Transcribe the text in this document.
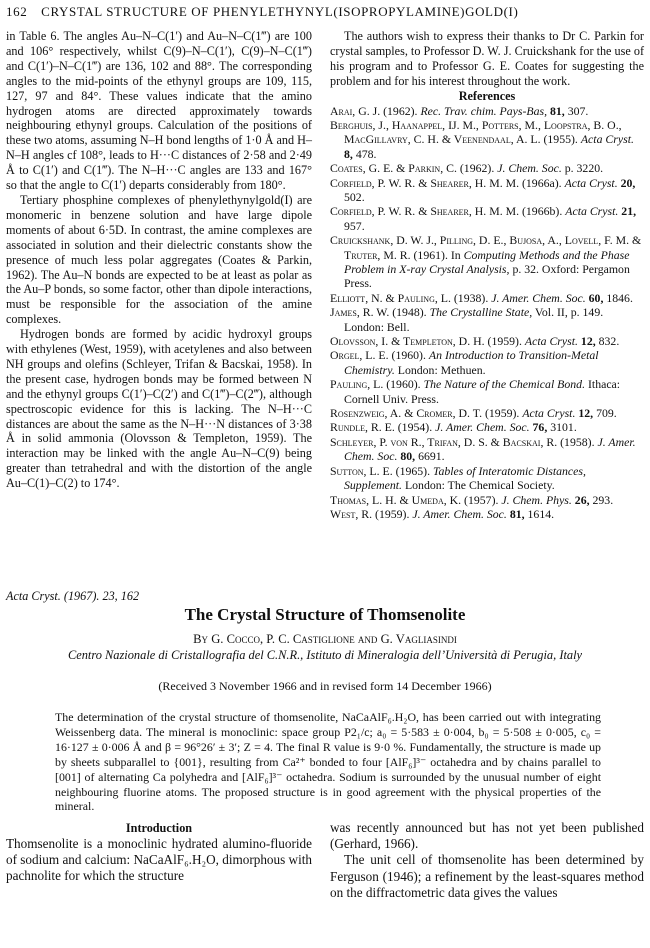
162 CRYSTAL STRUCTURE OF PHENYLETHYNYL(ISOPROPYLAMINE)GOLD(I)

in Table 6. The angles Au–N–C(1′) and Au–N–C(1‴) are 100 and 106° respectively, whilst C(9)–N–C(1′), C(9)–N–C(1‴) and C(1′)–N–C(1‴) are 136, 102 and 88°. The corresponding angles to the mid-points of the ethynyl groups are 109, 115, 127, 97 and 84°. These values indicate that the amino hydrogen atoms are directed approximately towards neighbouring ethynyl groups. Calculation of the positions of these two atoms, assuming N–H bond lengths of 1·0 Å and H–N–H angles cf 108°, leads to H···C distances of 2·58 and 2·49 Å to C(1′) and C(1‴). The N–H···C angles are 133 and 167° so that the angle to C(1′) departs considerably from 180°.

Tertiary phosphine complexes of phenylethynylgold(I) are monomeric in benzene solution and have large dipole moments of about 6·5D. In contrast, the amine complexes are associated in solution and their dielectric constants show the presence of much less polar aggregates (Coates & Parkin, 1962). The Au–N bonds are expected to be at least as polar as the Au–P bonds, so some factor, other than dipole interactions, must be responsible for the association of the amine complexes.

Hydrogen bonds are formed by acidic hydroxyl groups with ethylenes (West, 1959), with acetylenes and also between NH groups and olefins (Schleyer, Trifan & Bacskai, 1958). In the present case, hydrogen bonds may be formed between N and the ethynyl groups C(1′)–C(2′) and C(1‴)–C(2‴), although spectroscopic evidence for this is lacking. The N–H···C distances are about the same as the N–H···N distances of 3·38 Å in solid ammonia (Olovsson & Templeton, 1959). The interaction may be linked with the angle Au–N–C(9) being greater than tetrahedral and with the distortion of the angle Au–C(1)–C(2) to 174°.

The authors wish to express their thanks to Dr C. Parkin for crystal samples, to Professor D. W. J. Cruickshank for the use of his program and to Professor G. E. Coates for suggesting the problem and for his interest throughout the work.

References

Arai, G. J. (1962). Rec. Trav. chim. Pays-Bas, 81, 307.

Berghuis, J., Haanappel, IJ. M., Potters, M., Loopstra, B. O., MacGillavry, C. H. & Veenendaal, A. L. (1955). Acta Cryst. 8, 478.

Coates, G. E. & Parkin, C. (1962). J. Chem. Soc. p. 3220.

Corfield, P. W. R. & Shearer, H. M. M. (1966a). Acta Cryst. 20, 502.

Corfield, P. W. R. & Shearer, H. M. M. (1966b). Acta Cryst. 21, 957.

Cruickshank, D. W. J., Pilling, D. E., Bujosa, A., Lovell, F. M. & Truter, M. R. (1961). In Computing Methods and the Phase Problem in X-ray Crystal Analysis, p. 32. Oxford: Pergamon Press.

Elliott, N. & Pauling, L. (1938). J. Amer. Chem. Soc. 60, 1846.

James, R. W. (1948). The Crystalline State, Vol. II, p. 149. London: Bell.

Olovsson, I. & Templeton, D. H. (1959). Acta Cryst. 12, 832.

Orgel, L. E. (1960). An Introduction to Transition-Metal Chemistry. London: Methuen.

Pauling, L. (1960). The Nature of the Chemical Bond. Ithaca: Cornell Univ. Press.

Rosenzweig, A. & Cromer, D. T. (1959). Acta Cryst. 12, 709.

Rundle, R. E. (1954). J. Amer. Chem. Soc. 76, 3101.

Schleyer, P. von R., Trifan, D. S. & Bacskai, R. (1958). J. Amer. Chem. Soc. 80, 6691.

Sutton, L. E. (1965). Tables of Interatomic Distances, Supplement. London: The Chemical Society.

Thomas, L. H. & Umeda, K. (1957). J. Chem. Phys. 26, 293.

West, R. (1959). J. Amer. Chem. Soc. 81, 1614.

Acta Cryst. (1967). 23, 162
The Crystal Structure of Thomsenolite
By G. Cocco, P. C. Castiglione and G. Vagliasindi
Centro Nazionale di Cristallografia del C.N.R., Istituto di Mineralogia dell’Università di Perugia, Italy
(Received 3 November 1966 and in revised form 14 December 1966)

The determination of the crystal structure of thomsenolite, NaCaAlF₆.H₂O, has been carried out with integrating Weissenberg data. The mineral is monoclinic: space group P2₁/c; a₀ = 5·583 ± 0·004, b₀ = 5·508 ± 0·005, c₀ = 16·127 ± 0·006 Å and β = 96°26′ ± 3′; Z = 4. The final R value is 9·0 %. Fundamentally, the structure is made up by sheets subparallel to {001}, resulting from Ca²⁺ bonded to four [AlF₆]³⁻ octahedra and by chains parallel to [001] of alternating Ca polyhedra and [AlF₆]³⁻ octahedra. Sodium is surrounded by the unusual number of eight neighbouring fluorine atoms. The proposed structure is in good agreement with the physical properties of the mineral.

Introduction

Thomsenolite is a monoclinic hydrated alumino-fluoride of sodium and calcium: NaCaAlF₆.H₂O, dimorphous with pachnolite for which the structure

was recently announced but has not yet been published (Gerhard, 1966).

The unit cell of thomsenolite has been determined by Ferguson (1946); a refinement by the least-squares method on the diffractometric data gives the values
